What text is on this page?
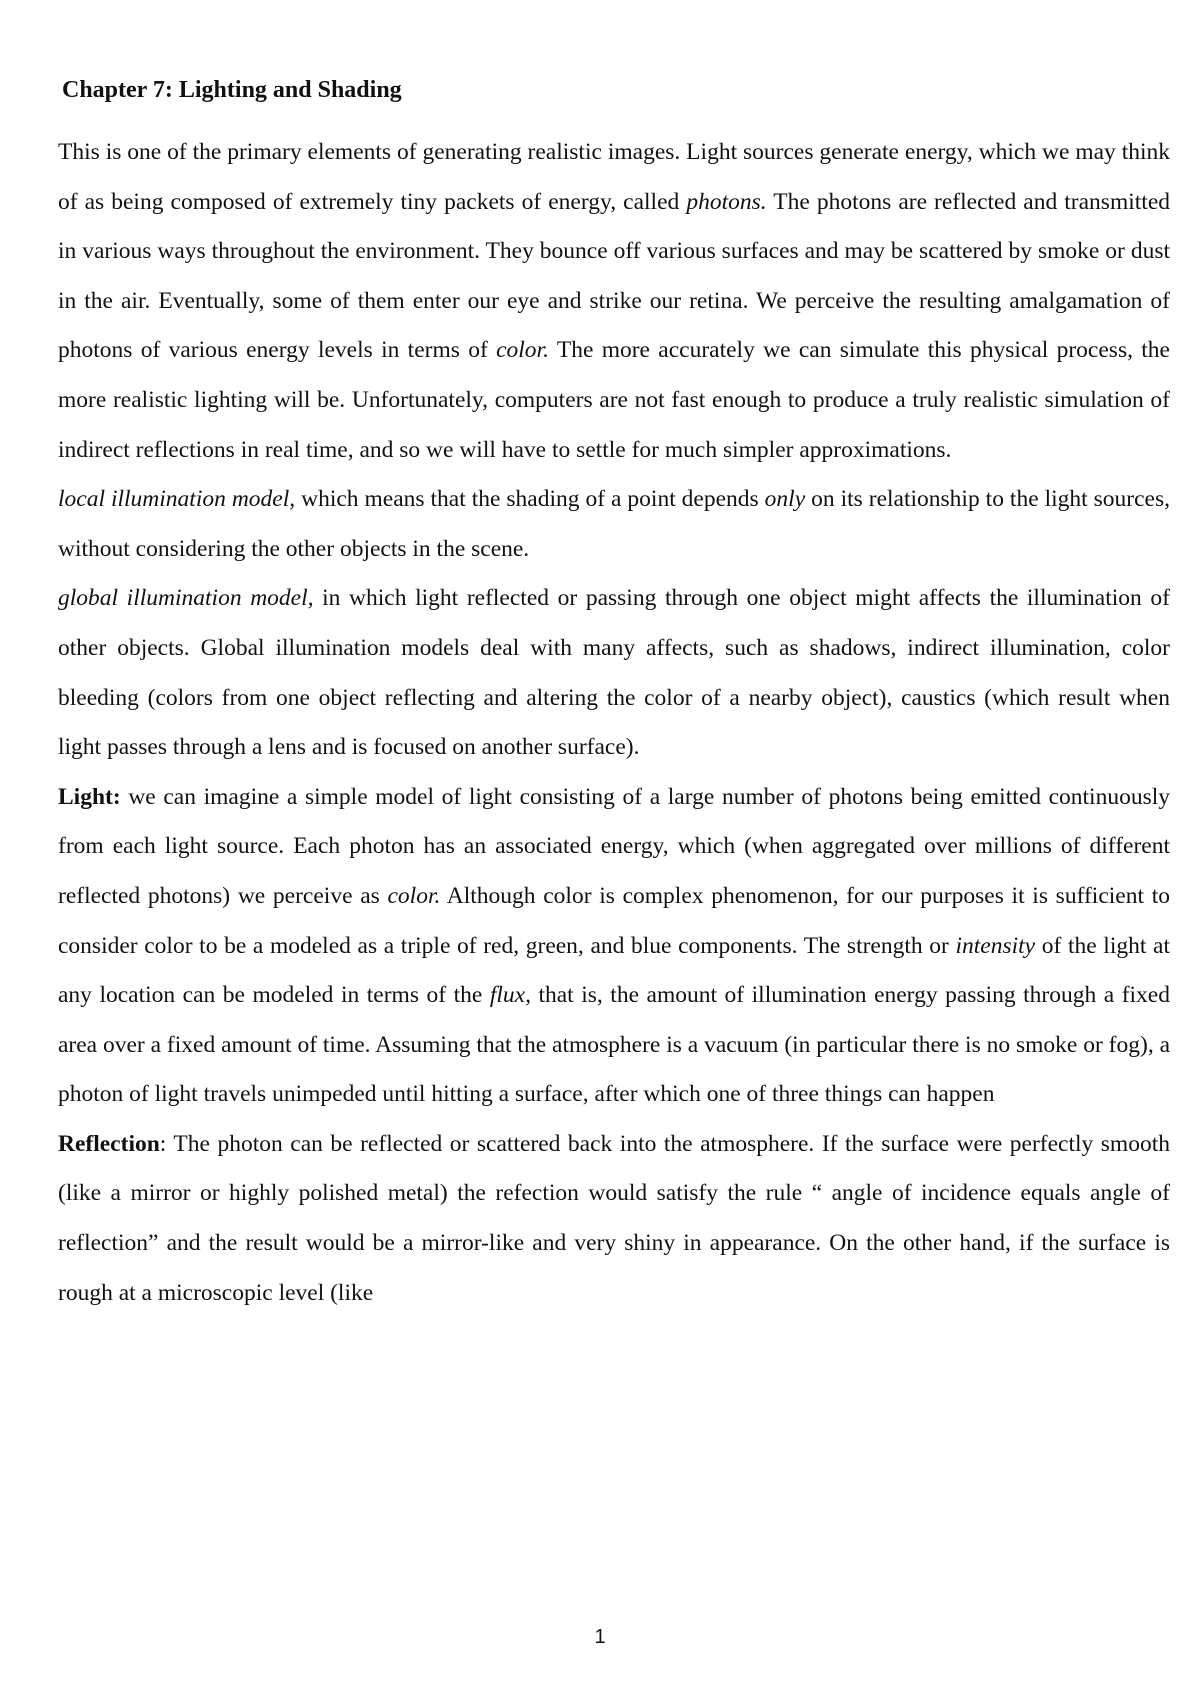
Chapter 7: Lighting and Shading

This is one of the primary elements of generating realistic images. Light sources generate energy, which we may think of as being composed of extremely tiny packets of energy, called photons. The photons are reflected and transmitted in various ways throughout the environment. They bounce off various surfaces and may be scattered by smoke or dust in the air. Eventually, some of them enter our eye and strike our retina. We perceive the resulting amalgamation of photons of various energy levels in terms of color. The more accurately we can simulate this physical process, the more realistic lighting will be. Unfortunately, computers are not fast enough to produce a truly realistic simulation of indirect reflections in real time, and so we will have to settle for much simpler approximations.

local illumination model, which means that the shading of a point depends only on its relationship to the light sources, without considering the other objects in the scene.

global illumination model, in which light reflected or passing through one object might affects the illumination of other objects. Global illumination models deal with many affects, such as shadows, indirect illumination, color bleeding (colors from one object reflecting and altering the color of a nearby object), caustics (which result when light passes through a lens and is focused on another surface).

Light: we can imagine a simple model of light consisting of a large number of photons being emitted continuously from each light source. Each photon has an associated energy, which (when aggregated over millions of different reflected photons) we perceive as color. Although color is complex phenomenon, for our purposes it is sufficient to consider color to be a modeled as a triple of red, green, and blue components. The strength or intensity of the light at any location can be modeled in terms of the flux, that is, the amount of illumination energy passing through a fixed area over a fixed amount of time. Assuming that the atmosphere is a vacuum (in particular there is no smoke or fog), a photon of light travels unimpeded until hitting a surface, after which one of three things can happen

Reflection: The photon can be reflected or scattered back into the atmosphere. If the surface were perfectly smooth (like a mirror or highly polished metal) the refection would satisfy the rule “ angle of incidence equals angle of reflection” and the result would be a mirror-like and very shiny in appearance. On the other hand, if the surface is rough at a microscopic level (like

1
